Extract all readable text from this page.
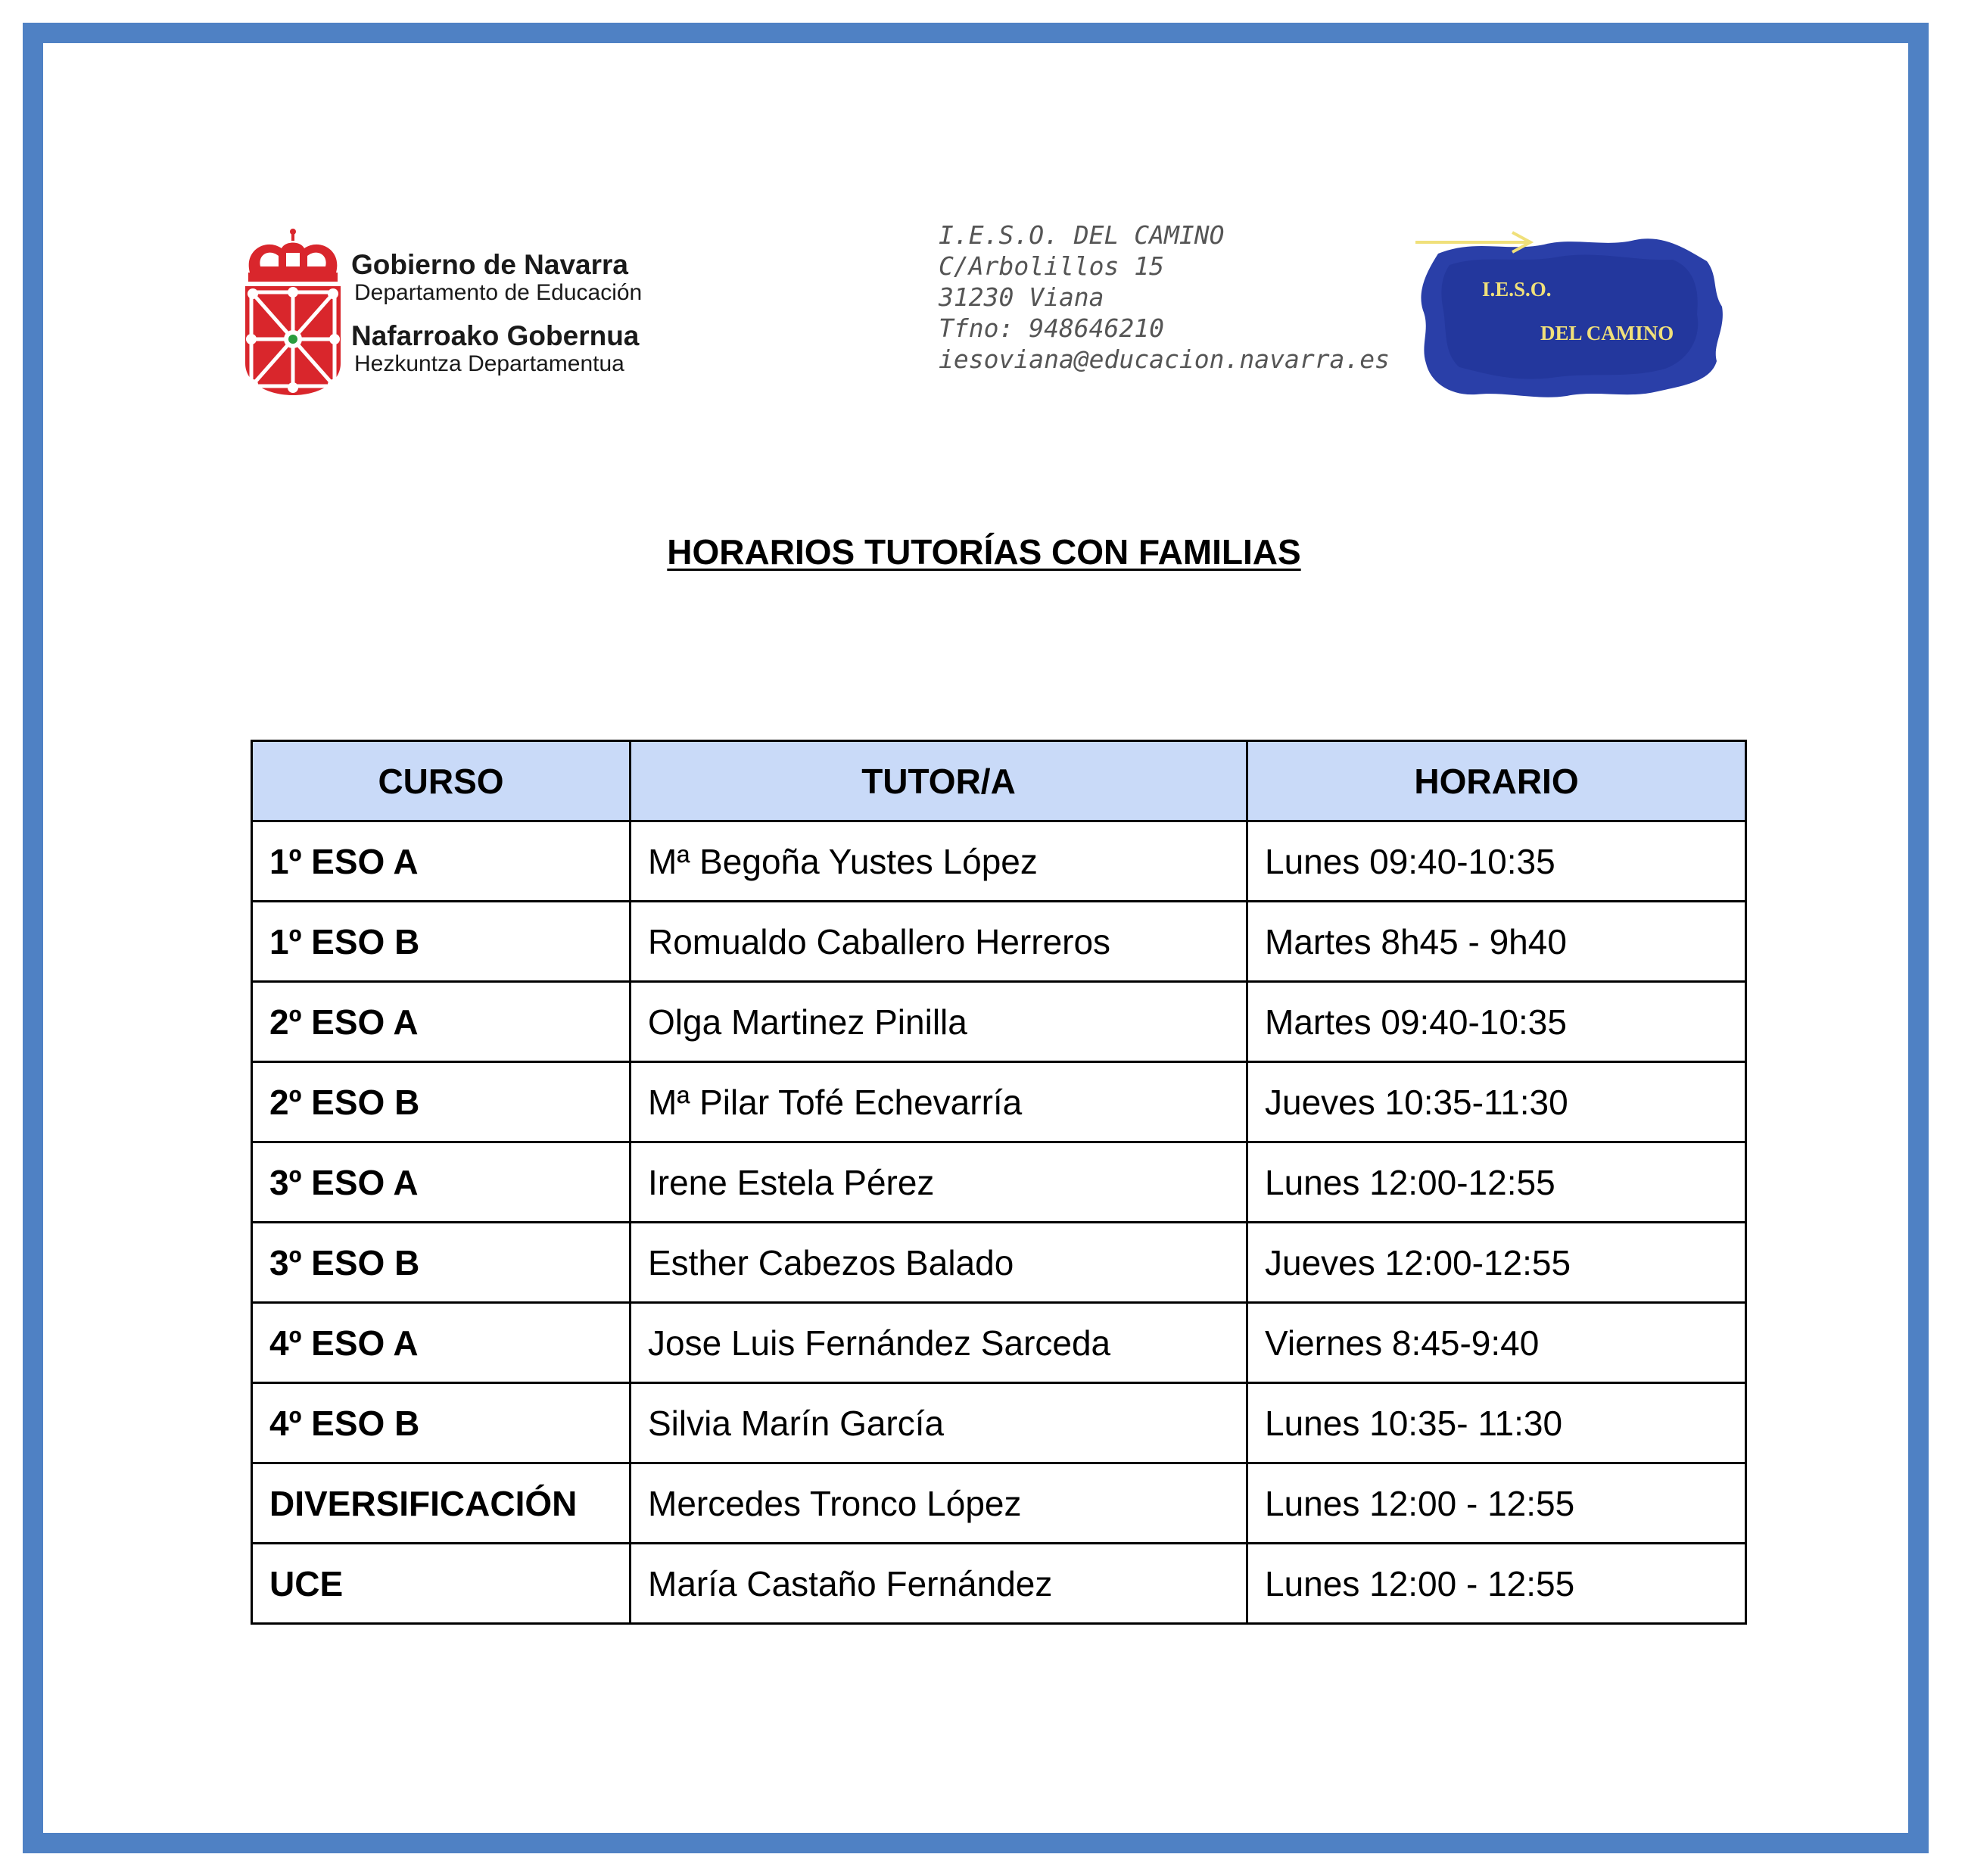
Gobierno de Navarra
Departamento de Educación
Nafarroako Gobernua
Hezkuntza Departamentua
I.E.S.O. DEL CAMINO
C/Arbolillos 15
31230 Viana
Tfno: 948646210
iesoviana@educacion.navarra.es
I.E.S.O.
DEL CAMINO
HORARIOS TUTORÍAS CON FAMILIAS
CURSO	TUTOR/A	HORARIO
1º ESO A	Mª Begoña Yustes López	Lunes 09:40-10:35
1º ESO B	Romualdo Caballero Herreros	Martes 8h45 - 9h40
2º ESO A	Olga Martinez Pinilla	Martes 09:40-10:35
2º ESO B	Mª Pilar Tofé Echevarría	Jueves 10:35-11:30
3º ESO A	Irene Estela Pérez	Lunes 12:00-12:55
3º ESO B	Esther Cabezos Balado	Jueves 12:00-12:55
4º ESO A	Jose Luis Fernández Sarceda	Viernes 8:45-9:40
4º ESO B	Silvia Marín García	Lunes 10:35- 11:30
DIVERSIFICACIÓN	Mercedes Tronco López	Lunes 12:00 - 12:55
UCE	María Castaño Fernández	Lunes 12:00 - 12:55
